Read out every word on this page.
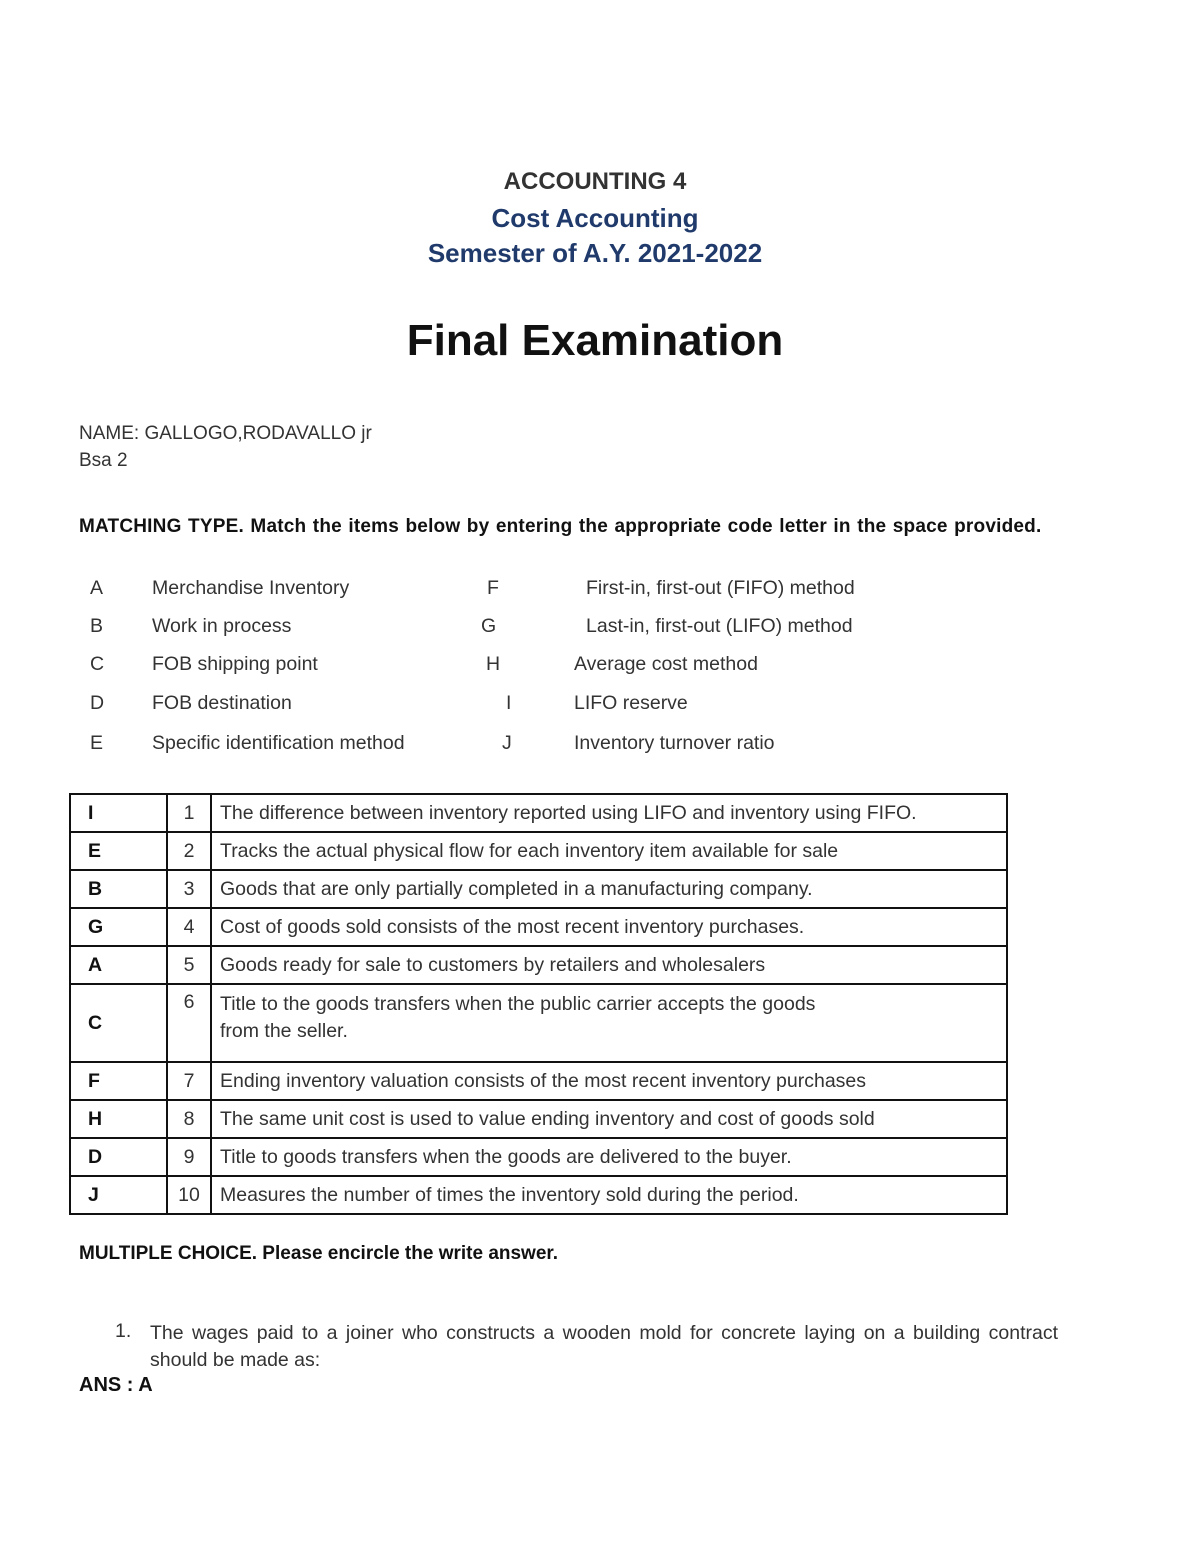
ACCOUNTING 4

Cost Accounting

Semester of A.Y. 2021-2022

Final Examination

NAME: GALLOGO,RODAVALLO jr

Bsa 2

MATCHING TYPE. Match the items below by entering the appropriate code letter in the space provided.

A	Merchandise Inventory	F	First-in, first-out (FIFO) method
B	Work in process	G	Last-in, first-out (LIFO) method
C FOB shipping point	H	Average cost method
D FOB destination	I	LIFO reserve
E	Specific identification method	J	Inventory turnover ratio
I	1	The difference between inventory reported using LIFO and inventory using FIFO.
E	2	Tracks the actual physical flow for each inventory item available for sale
B	3	Goods that are only partially completed in a manufacturing company.
G	4	Cost of goods sold consists of the most recent inventory purchases.
A	5	Goods ready for sale to customers by retailers and wholesalers
C	6	Title to the goods transfers when the public carrier accepts the goods
from the seller.
F	7	Ending inventory valuation consists of the most recent inventory purchases
H	8	The same unit cost is used to value ending inventory and cost of goods sold
D	9	Title to goods transfers when the goods are delivered to the buyer.
J	10	Measures the number of times the inventory sold during the period.

MULTIPLE CHOICE. Please encircle the write answer.

1. The wages paid to a joiner who constructs a wooden mold for concrete laying on a building contract should be made as:

ANS : A
